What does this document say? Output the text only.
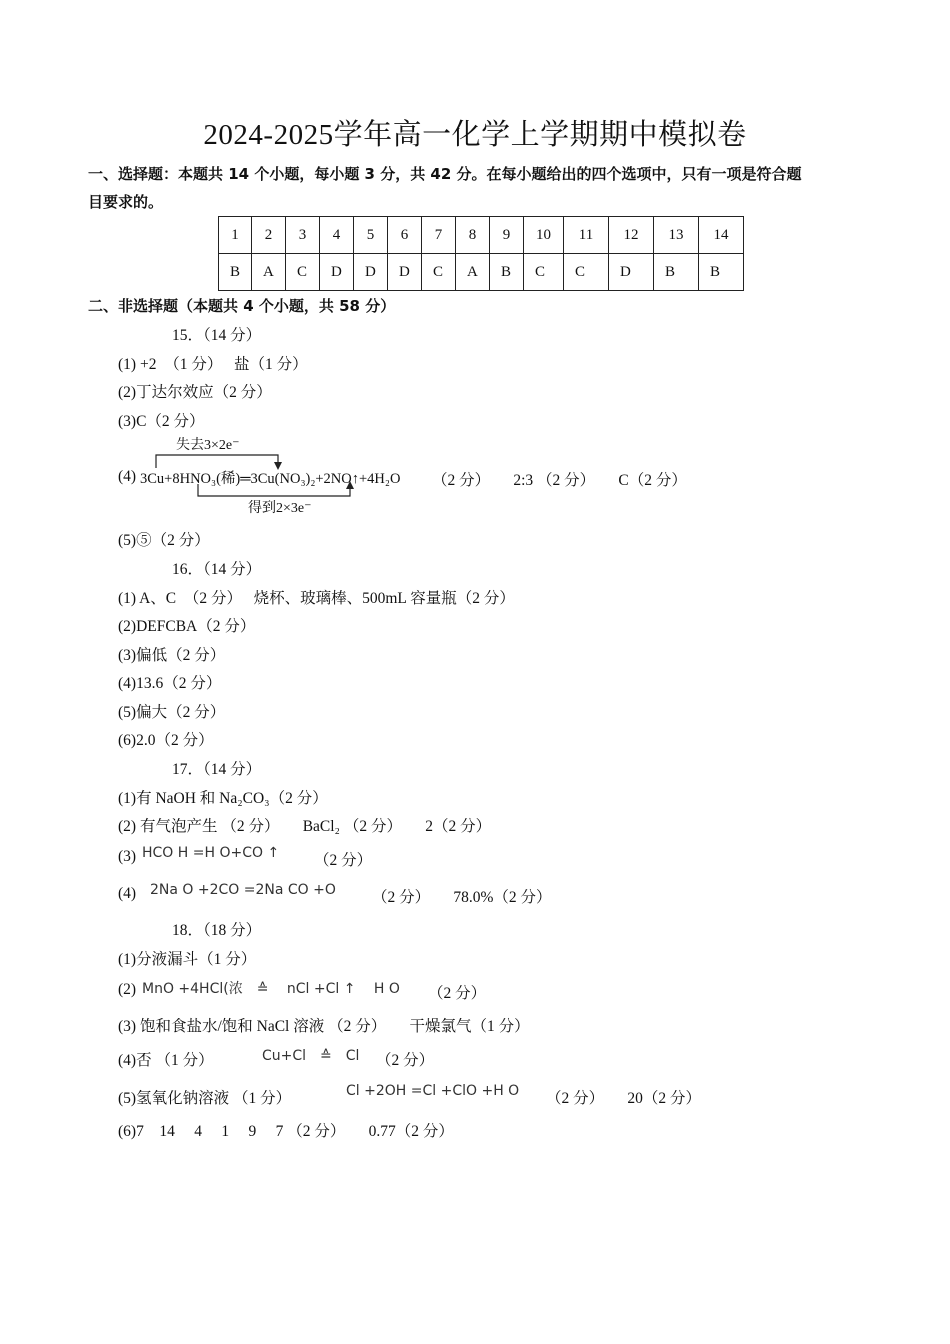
2024-2025学年高一化学上学期期中模拟卷
一、选择题：本题共 14 个小题，每小题 3 分，共 42 分。在每小题给出的四个选项中，只有一项是符合题
目要求的。
1	2	3	4	5	6	7	8	9	10	11	12	13	14
B	A	C	D	D	D	C	A	B	C	C	D	B	B
二、非选择题（本题共 4 个小题，共 58 分）
15．（14 分）
(1) +2　（1 分）　 盐（1 分）
(2)丁达尔效应（2 分）
(3)C（2 分）
失去3×2e⁻
(4) 3Cu+8HNO₃(稀)═3Cu(NO₃)₂+2NO↑+4H₂O （2 分）　　2:3 （2 分）　　C（2 分）
得到2×3e⁻
(5)⑤（2 分）
16．（14 分）
(1) A、C　（2 分）　 烧杯、玻璃棒、500mL 容量瓶（2 分）
(2)DEFCBA（2 分）
(3)偏低（2 分）
(4)13.6（2 分）
(5)偏大（2 分）
(6)2.0（2 分）
17．（14 分）
(1)有 NaOH 和 Na₂CO₃（2 分）
(2) 有气泡产生 （2 分）　　BaCl₂ （2 分）　　2（2 分）
(3) HCO H =H O+CO ↑ （2 分）
(4) 2Na O +2CO =2Na CO +O （2 分）　　78.0%（2 分）
18．（18 分）
(1)分液漏斗（1 分）
(2) MnO +4HCl(浓　≙　 nCl +Cl ↑　 H O （2 分）
(3) 饱和食盐水/饱和 NaCl 溶液 （2 分）　　干燥氯气（1 分）
(4)否 （1 分）	Cu+Cl　≙　Cl （2 分）
(5)氢氧化钠溶液 （1 分）	Cl +2OH =Cl +ClO +H O （2 分）　　20（2 分）
(6)7　14　 4　 1　 9　 7 （2 分）　　0.77（2 分）
